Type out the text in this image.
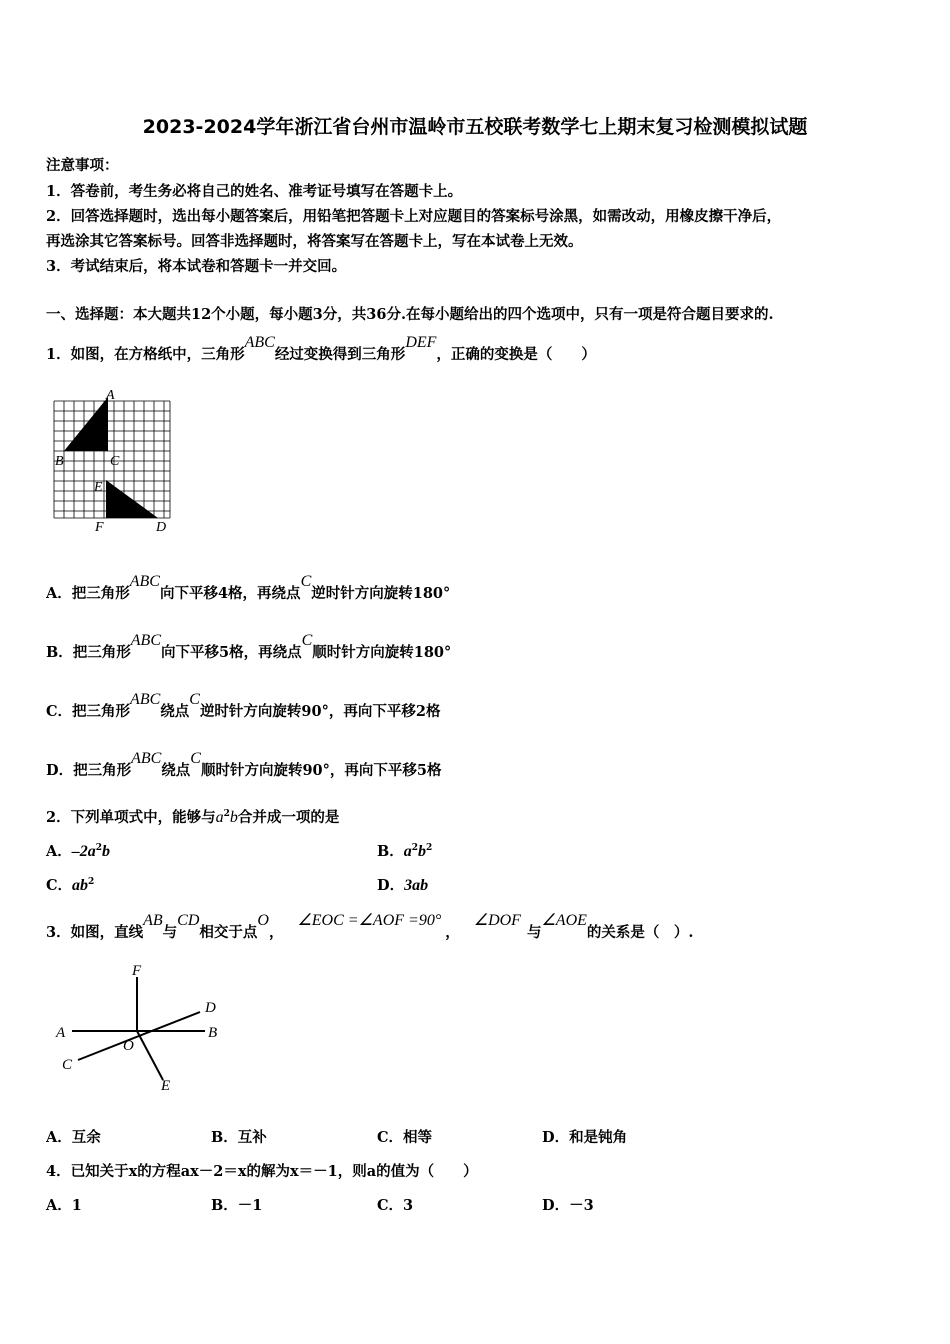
2023-2024学年浙江省台州市温岭市五校联考数学七上期末复习检测模拟试题
注意事项：
1．答卷前，考生务必将自己的姓名、准考证号填写在答题卡上。
2．回答选择题时，选出每小题答案后，用铅笔把答题卡上对应题目的答案标号涂黑，如需改动，用橡皮擦干净后，
再选涂其它答案标号。回答非选择题时，将答案写在答题卡上，写在本试卷上无效。
3．考试结束后，将本试卷和答题卡一并交回。
一、选择题：本大题共12个小题，每小题3分，共36分.在每小题给出的四个选项中，只有一项是符合题目要求的.
1．如图，在方格纸中，三角形ABC经过变换得到三角形DEF，正确的变换是（　　）
A
B	C
E
F	D
A．把三角形ABC向下平移4格，再绕点C逆时针方向旋转180°
B．把三角形ABC向下平移5格，再绕点C顺时针方向旋转180°
C．把三角形ABC绕点C逆时针方向旋转90°，再向下平移2格
D．把三角形ABC绕点C顺时针方向旋转90°，再向下平移5格
2．下列单项式中，能够与$a^2b$合并成一项的是
A．$-2a^2b$	B．$a^2b^2$
C．$ab^2$	D．3ab
3．如图，直线AB与CD相交于点O，∠EOC =∠AOF =90°，∠DOF与∠AOE的关系是（　）.
F
D
A	B
C
O
E
A．互余	B．互补	C．相等	D．和是钝角
4．已知关于x的方程ax－2＝x的解为x＝－1，则a的值为（　　）
A．1	B．－1	C．3	D．－3
